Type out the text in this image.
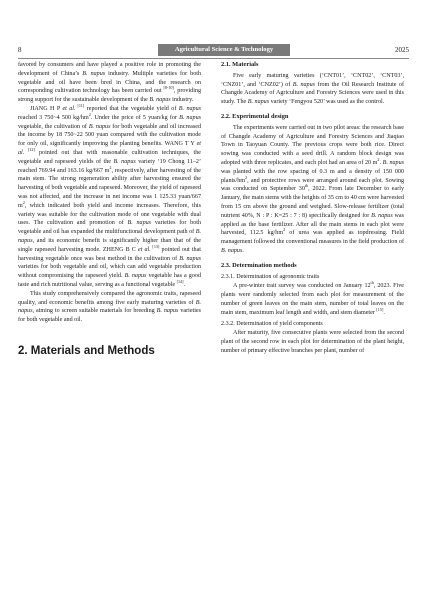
8	Agricultural Science & Technology	2025

favored by consumers and have played a positive role in promoting the development of China’s B. napus industry. Multiple varieties for both vegetable and oil have been bred in China, and the research on corresponding cultivation technology has been carried out [8-10], providing strong support for the sustainable development of the B. napus industry.

JIANG H P et al. [11] reported that the vegetable yield of B. napus reached 3 750~4 500 $kg/hm^2$. Under the price of 5 yuan/kg for B. napus vegetable, the cultivation of B. napus for both vegetable and oil increased the income by 18 750~22 500 yuan compared with the cultivation mode for only oil, significantly improving the planting benefits. WANG T Y et al. [12] pointed out that with reasonable cultivation techniques, the vegetable and rapeseed yields of the B. napus variety ‘19 Chong 11–2’ reached 769.94 and 163.16 kg/667 $m^2$, respectively, after harvesting of the main stem. The strong regeneration ability after harvesting ensured the harvesting of both vegetable and rapeseed. Moreover, the yield of rapeseed was not affected, and the increase in net income was 1 125.33 yuan/667 $m^2$, which indicated both yield and income increases. Therefore, this variety was suitable for the cultivation mode of one vegetable with dual uses. The cultivation and promotion of B. napus varieties for both vegetable and oil has expanded the multifunctional development path of B. napus, and its economic benefit is significantly higher than that of the single rapeseed harvesting mode. ZHENG B C et al. [13] pointed out that harvesting vegetable once was best method in the cultivation of B. napus varieties for both vegetable and oil, which can add vegetable production without compromising the rapeseed yield. B. napus vegetable has a good taste and rich nutritional value, serving as a functional vegetable [14].

This study comprehensively compared the agronomic traits, rapeseed quality, and economic benefits among five early maturing varieties of B. napus, aiming to screen suitable materials for breeding B. napus varieties for both vegetable and oil.

2. Materials and Methods
2.1. Materials

Five early maturing varieties (‘CNT01’, ‘CNT02’, ‘CNT03’, ‘CNZ01’, and ‘CNZ02’) of B. napus from the Oil Research Institute of Changde Academy of Agriculture and Forestry Sciences were used in this study. The B. napus variety ‘Fengyou 520’ was used as the control.

2.2. Experimental design

The experiments were carried out in two pilot areas: the research base of Changde Academy of Agriculture and Forestry Sciences and Jiaqiao Town in Taoyuan County. The previous crops were both rice. Direct sowing was conducted with a seed drill. A random block design was adopted with three replicates, and each plot had an area of 20 $m^2$. B. napus was planted with the row spacing of 0.3 m and a density of 150 000 plants/$hm^2$, and protective rows were arranged around each plot. Sowing was conducted on September 30th, 2022. From late December to early January, the main stems with the heights of 35 cm to 40 cm were harvested from 15 cm above the ground and weighed. Slow-release fertilizer (total nutrient 40%, N : P : K=25 : 7 : 8) specifically designed for B. napus was applied as the base fertilizer. After all the main stems in each plot were harvested, 112.5 $kg/hm^2$ of urea was applied as topdressing. Field management followed the conventional measures in the field production of B. napus.

2.3. Determination methods
2.3.1. Determination of agronomic traits

A pre-winter trait survey was conducted on January 12th, 2023. Five plants were randomly selected from each plot for measurement of the number of green leaves on the main stem, number of total leaves on the main stem, maximum leaf length and width, and stem diameter [15].

2.3.2. Determination of yield components

After maturity, five consecutive plants were selected from the second plant of the second row in each plot for determination of the plant height, number of primary effective branches per plant, number of
